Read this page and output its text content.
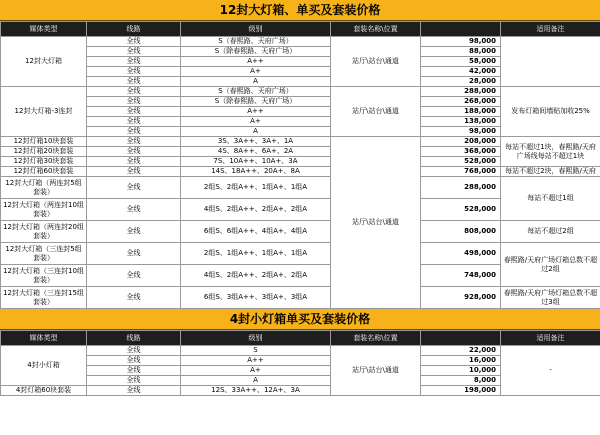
12封大灯箱、单买及套装价格
媒体类型	线路	级别	套装名称\位置		适用备注
12封大灯箱	全线	S（春熙路、天府广场）	站厅\站台\通道	98,000	
	全线	S（除春熙路、天府广场）		88,000	
	全线	A++		58,000	
	全线	A+		42,000	
	全线	A		28,000	
12封大灯箱-3连封	全线	S（春熙路、天府广场）	站厅\站台\通道	288,000	发布灯箱间墙贴加收25%
	全线	S（除春熙路、天府广场）		268,000	
	全线	A++		188,000	
	全线	A+		138,000	
	全线	A		98,000	
12封灯箱10块套装	全线	3S、3A++、3A+、1A	站厅\站台\通道	208,000	每站不超过1块，春熙路/天府广场线每站不超过1块
12封灯箱20块套装	全线	4S、8A++、6A+、2A		368,000	
12封灯箱30块套装	全线	7S、10A++、10A+、3A		528,000	
12封灯箱60块套装	全线	14S、18A++、20A+、8A		768,000	每站不超过2块，春熙路/天府
12封大灯箱（两连封5组套装）	全线	2组S、2组A++、1组A+、1组A		288,000	每站不超过1组
12封大灯箱（两连封10组套装）	全线	4组S、2组A++、2组A+、2组A		528,000	
12封大灯箱（两连封20组套装）	全线	6组S、6组A++、4组A+、4组A		808,000	每站不超过2组
12封大灯箱（三连封5组套装）	全线	2组S、1组A++、1组A+、1组A		498,000	春熙路/天府广场灯箱总数不超过2组
12封大灯箱（三连封10组套装）	全线	4组S、2组A++、2组A+、2组A		748,000	
12封大灯箱（三连封15组套装）	全线	6组S、3组A++、3组A+、3组A		928,000	春熙路/天府广场灯箱总数不超过3组
4封小灯箱单买及套装价格
媒体类型	线路	级别	套装名称\位置		适用备注
4封小灯箱	全线	S	站厅\站台\通道	22,000	-
	全线	A++		16,000	
	全线	A+		10,000	
	全线	A		8,000	
4封灯箱60块套装	全线	12S、33A++、12A+、3A		198,000	
